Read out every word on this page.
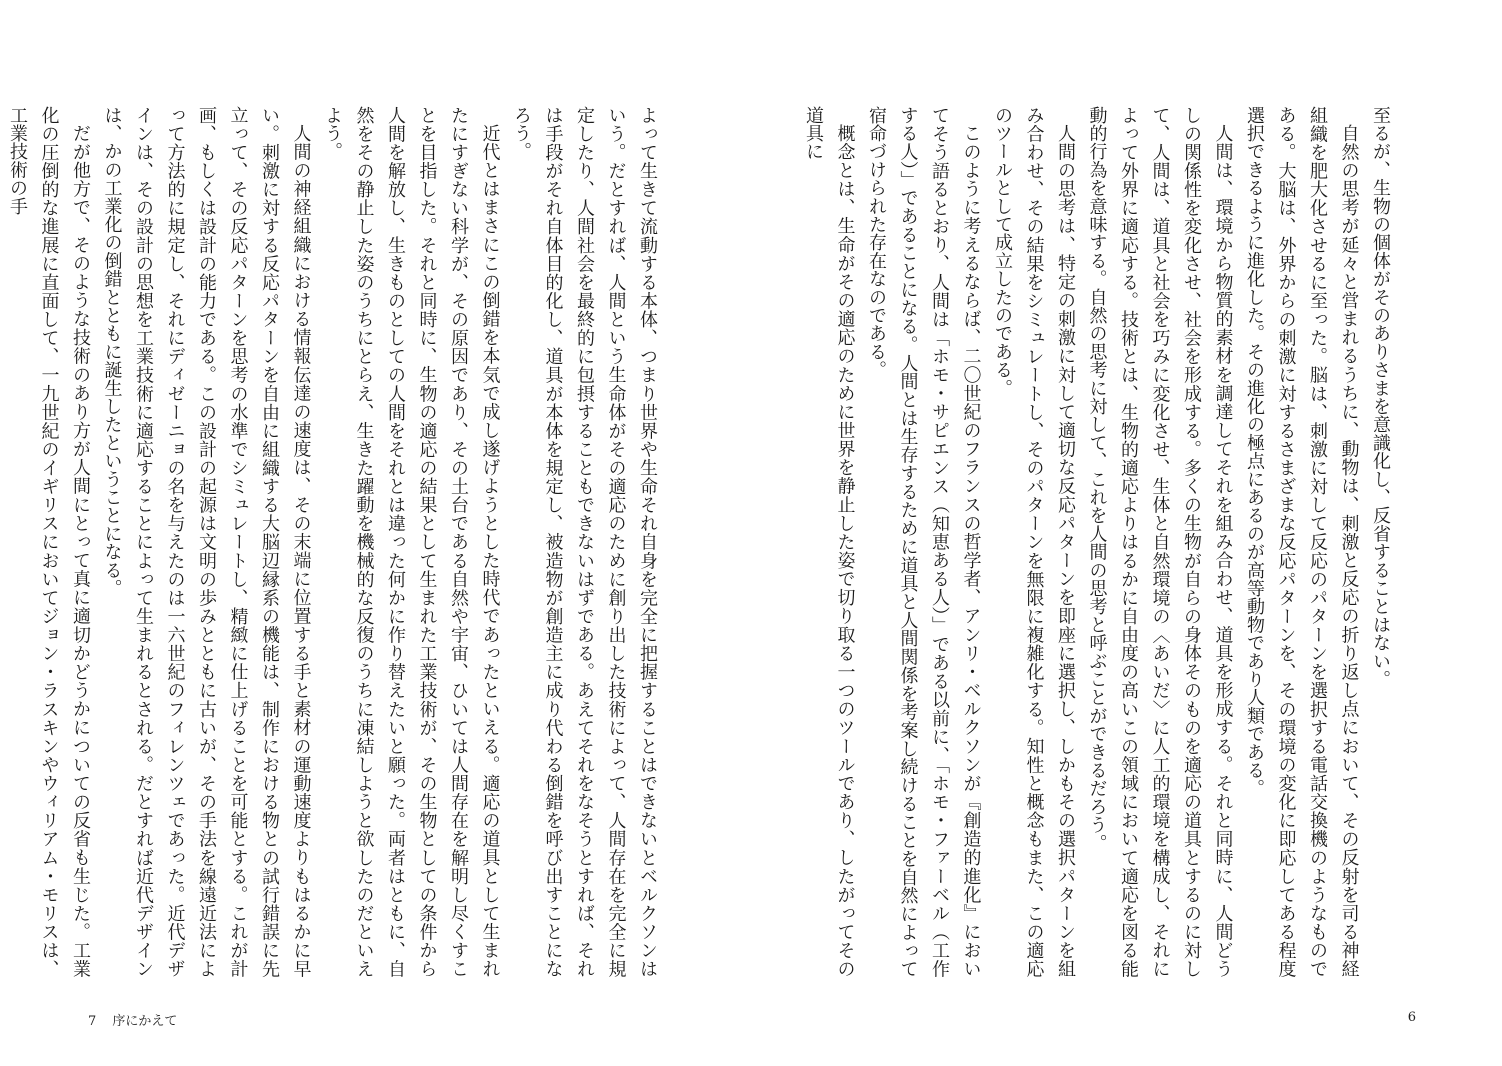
よって生きて流動する本体、つまり世界や生命それ自身を完全に把握することはできないとベルクソンはいう。だとすれば、人間という生命体がその適応のために創り出した技術によって、人間存在を完全に規定したり、人間社会を最終的に包摂することもできないはずである。あえてそれをなそうとすれば、それは手段がそれ自体目的化し、道具が本体を規定し、被造物が創造主に成り代わる倒錯を呼び出すことになろう。

近代とはまさにこの倒錯を本気で成し遂げようとした時代であったといえる。適応の道具として生まれたにすぎない科学が、その原因であり、その土台である自然や宇宙、ひいては人間存在を解明し尽くすことを目指した。それと同時に、生物の適応の結果として生まれた工業技術が、その生物としての条件から人間を解放し、生きものとしての人間をそれとは違った何かに作り替えたいと願った。両者はともに、自然をその静止した姿のうちにとらえ、生きた躍動を機械的な反復のうちに凍結しようと欲したのだといえよう。

人間の神経組織における情報伝達の速度は、その末端に位置する手と素材の運動速度よりもはるかに早い。刺激に対する反応パターンを自由に組織する大脳辺縁系の機能は、制作における物との試行錯誤に先立って、その反応パターンを思考の水準でシミュレートし、精緻に仕上げることを可能とする。これが計画、もしくは設計の能力である。この設計の起源は文明の歩みとともに古いが、その手法を線遠近法によって方法的に規定し、それにディゼーニョの名を与えたのは一六世紀のフィレンツェであった。近代デザインは、その設計の思想を工業技術に適応することによって生まれるとされる。だとすれば近代デザインは、かの工業化の倒錯とともに誕生したということになる。

だが他方で、そのような技術のあり方が人間にとって真に適切かどうかについての反省も生じた。工業化の圧倒的な進展に直面して、一九世紀のイギリスにおいてジョン・ラスキンやウィリアム・モリスは、工業技術の手

7 序にかえて

至るが、生物の個体がそのありさまを意識化し、反省することはない。

自然の思考が延々と営まれるうちに、動物は、刺激と反応の折り返し点において、その反射を司る神経組織を肥大化させるに至った。脳は、刺激に対して反応のパターンを選択する電話交換機のようなものである。大脳は、外界からの刺激に対するさまざまな反応パターンを、その環境の変化に即応してある程度選択できるように進化した。その進化の極点にあるのが高等動物であり人類である。

人間は、環境から物質的素材を調達してそれを組み合わせ、道具を形成する。それと同時に、人間どうしの関係性を変化させ、社会を形成する。多くの生物が自らの身体そのものを適応の道具とするのに対して、人間は、道具と社会を巧みに変化させ、生体と自然環境の〈あいだ〉に人工的環境を構成し、それによって外界に適応する。技術とは、生物的適応よりはるかに自由度の高いこの領域において適応を図る能動的行為を意味する。自然の思考に対して、これを人間の思考と呼ぶことができるだろう。

人間の思考は、特定の刺激に対して適切な反応パターンを即座に選択し、しかもその選択パターンを組み合わせ、その結果をシミュレートし、そのパターンを無限に複雑化する。知性と概念もまた、この適応のツールとして成立したのである。

このように考えるならば、二〇世紀のフランスの哲学者、アンリ・ベルクソンが『創造的進化』においてそう語るとおり、人間は「ホモ・サピエンス（知恵ある人）」である以前に、「ホモ・ファーベル（工作する人）」であることになる。人間とは生存するために道具と人間関係を考案し続けることを自然によって宿命づけられた存在なのである。

概念とは、生命がその適応のために世界を静止した姿で切り取る一つのツールであり、したがってその道具に

6
